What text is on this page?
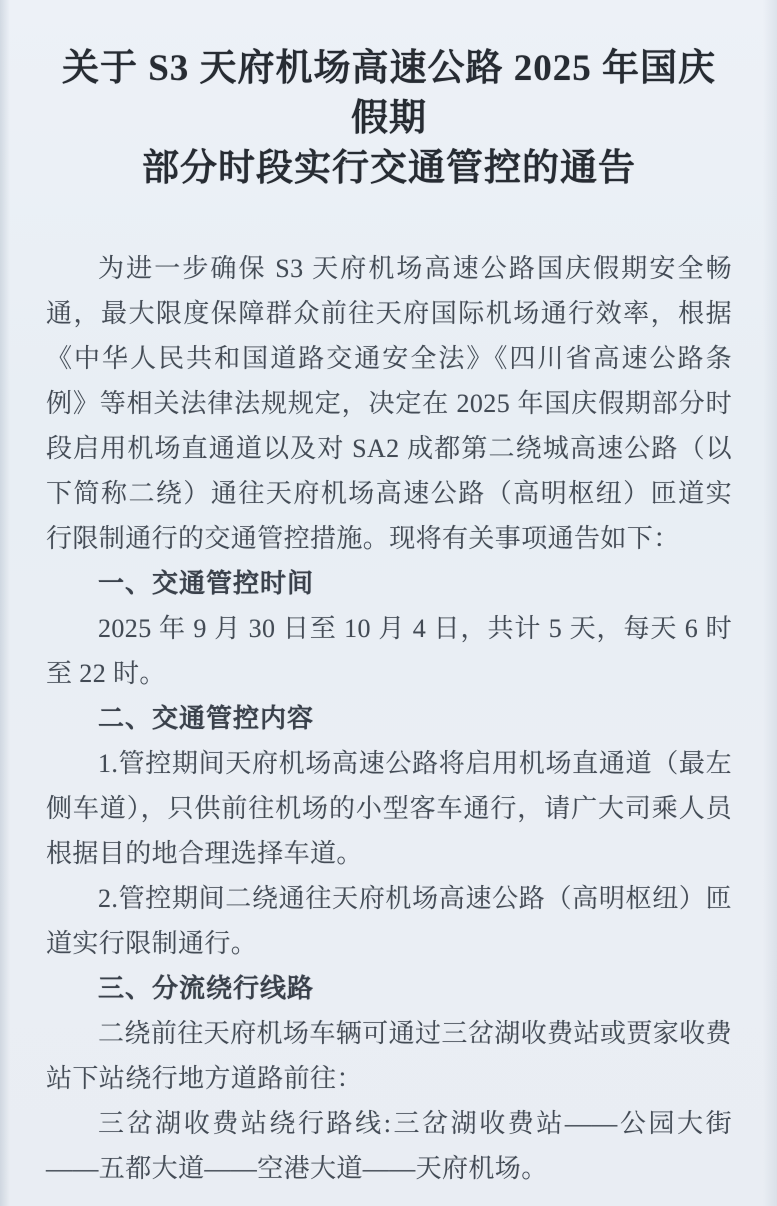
关于 S3 天府机场高速公路 2025 年国庆假期
部分时段实行交通管控的通告

为进一步确保 S3 天府机场高速公路国庆假期安全畅通，最大限度保障群众前往天府国际机场通行效率，根据《中华人民共和国道路交通安全法》《四川省高速公路条例》等相关法律法规规定，决定在 2025 年国庆假期部分时段启用机场直通道以及对 SA2 成都第二绕城高速公路（以下简称二绕）通往天府机场高速公路（高明枢纽）匝道实行限制通行的交通管控措施。现将有关事项通告如下：

一、交通管控时间

2025 年 9 月 30 日至 10 月 4 日，共计 5 天，每天 6 时至 22 时。

二、交通管控内容

1.管控期间天府机场高速公路将启用机场直通道（最左侧车道），只供前往机场的小型客车通行，请广大司乘人员根据目的地合理选择车道。

2.管控期间二绕通往天府机场高速公路（高明枢纽）匝道实行限制通行。

三、分流绕行线路

二绕前往天府机场车辆可通过三岔湖收费站或贾家收费站下站绕行地方道路前往：

三岔湖收费站绕行路线:三岔湖收费站——公园大街——五都大道——空港大道——天府机场。
